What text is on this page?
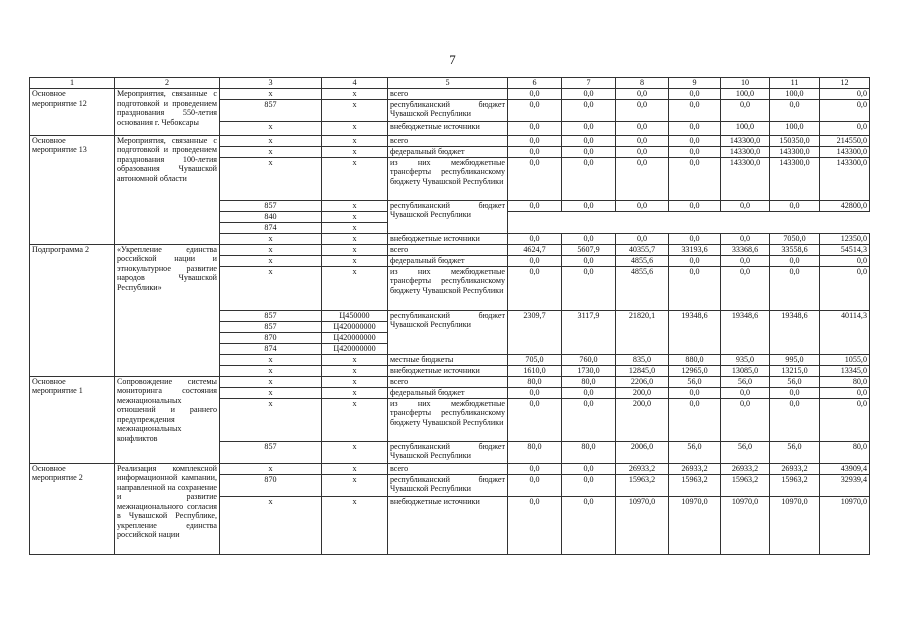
7
1	2	3	4	5	6	7	8	9	10	11	12
Основное мероприятие 12	Мероприятия, связанные с подготовкой и проведением празднования 550-летия основания г. Чебоксары	х	х	всего	0,0	0,0	0,0	0,0	100,0	100,0	0,0
		857	х	республиканский бюджет Чувашской Республики	0,0	0,0	0,0	0,0	0,0	0,0	0,0
		х	х	внебюджетные источники	0,0	0,0	0,0	0,0	100,0	100,0	0,0
Основное мероприятие 13	Мероприятия, связанные с подготовкой и проведением празднования 100-летия образования Чувашской автономной области	х	х	всего	0,0	0,0	0,0	0,0	143300,0	150350,0	214550,0
		х	х	федеральный бюджет	0,0	0,0	0,0	0,0	143300,0	143300,0	143300,0
		х	х	из них межбюджетные трансферты республиканскому бюджету Чувашской Республики	0,0	0,0	0,0	0,0	143300,0	143300,0	143300,0
		857	х	республиканский бюджет Чувашской Республики	0,0	0,0	0,0	0,0	0,0	0,0	42800,0
		840	х								
		874	х								
		х	х	внебюджетные источники	0,0	0,0	0,0	0,0	0,0	7050,0	12350,0
Подпрограмма 2	«Укрепление единства российской нации и этнокультурное развитие народов Чувашской Республики»	х	х	всего	4624,7	5607,9	40355,7	33193,6	33368,6	33558,6	54514,3
		х	х	федеральный бюджет	0,0	0,0	4855,6	0,0	0,0	0,0	0,0
		х	х	из них межбюджетные трансферты республиканскому бюджету Чувашской Республики	0,0	0,0	4855,6	0,0	0,0	0,0	0,0
		857	Ц450000	республиканский бюджет Чувашской Республики	2309,7	3117,9	21820,1	19348,6	19348,6	19348,6	40114,3
		857	Ц420000000								
		870	Ц420000000								
		874	Ц420000000								
		х	х	местные бюджеты	705,0	760,0	835,0	880,0	935,0	995,0	1055,0
		х	х	внебюджетные источники	1610,0	1730,0	12845,0	12965,0	13085,0	13215,0	13345,0
Основное мероприятие 1	Сопровождение системы мониторинга состояния межнациональных отношений и раннего предупреждения межнациональных конфликтов	х	х	всего	80,0	80,0	2206,0	56,0	56,0	56,0	80,0
		х	х	федеральный бюджет	0,0	0,0	200,0	0,0	0,0	0,0	0,0
		х	х	из них межбюджетные трансферты республиканскому бюджету Чувашской Республики	0,0	0,0	200,0	0,0	0,0	0,0	0,0
		857	х	республиканский бюджет Чувашской Республики	80,0	80,0	2006,0	56,0	56,0	56,0	80,0
Основное мероприятие 2	Реализация комплексной информационной кампании, направленной на сохранение и развитие межнационального согласия в Чувашской Республике, укрепление единства российской нации	х	х	всего	0,0	0,0	26933,2	26933,2	26933,2	26933,2	43909,4
		870	х	республиканский бюджет Чувашской Республики	0,0	0,0	15963,2	15963,2	15963,2	15963,2	32939,4
		х	х	внебюджетные источники	0,0	0,0	10970,0	10970,0	10970,0	10970,0	10970,0
